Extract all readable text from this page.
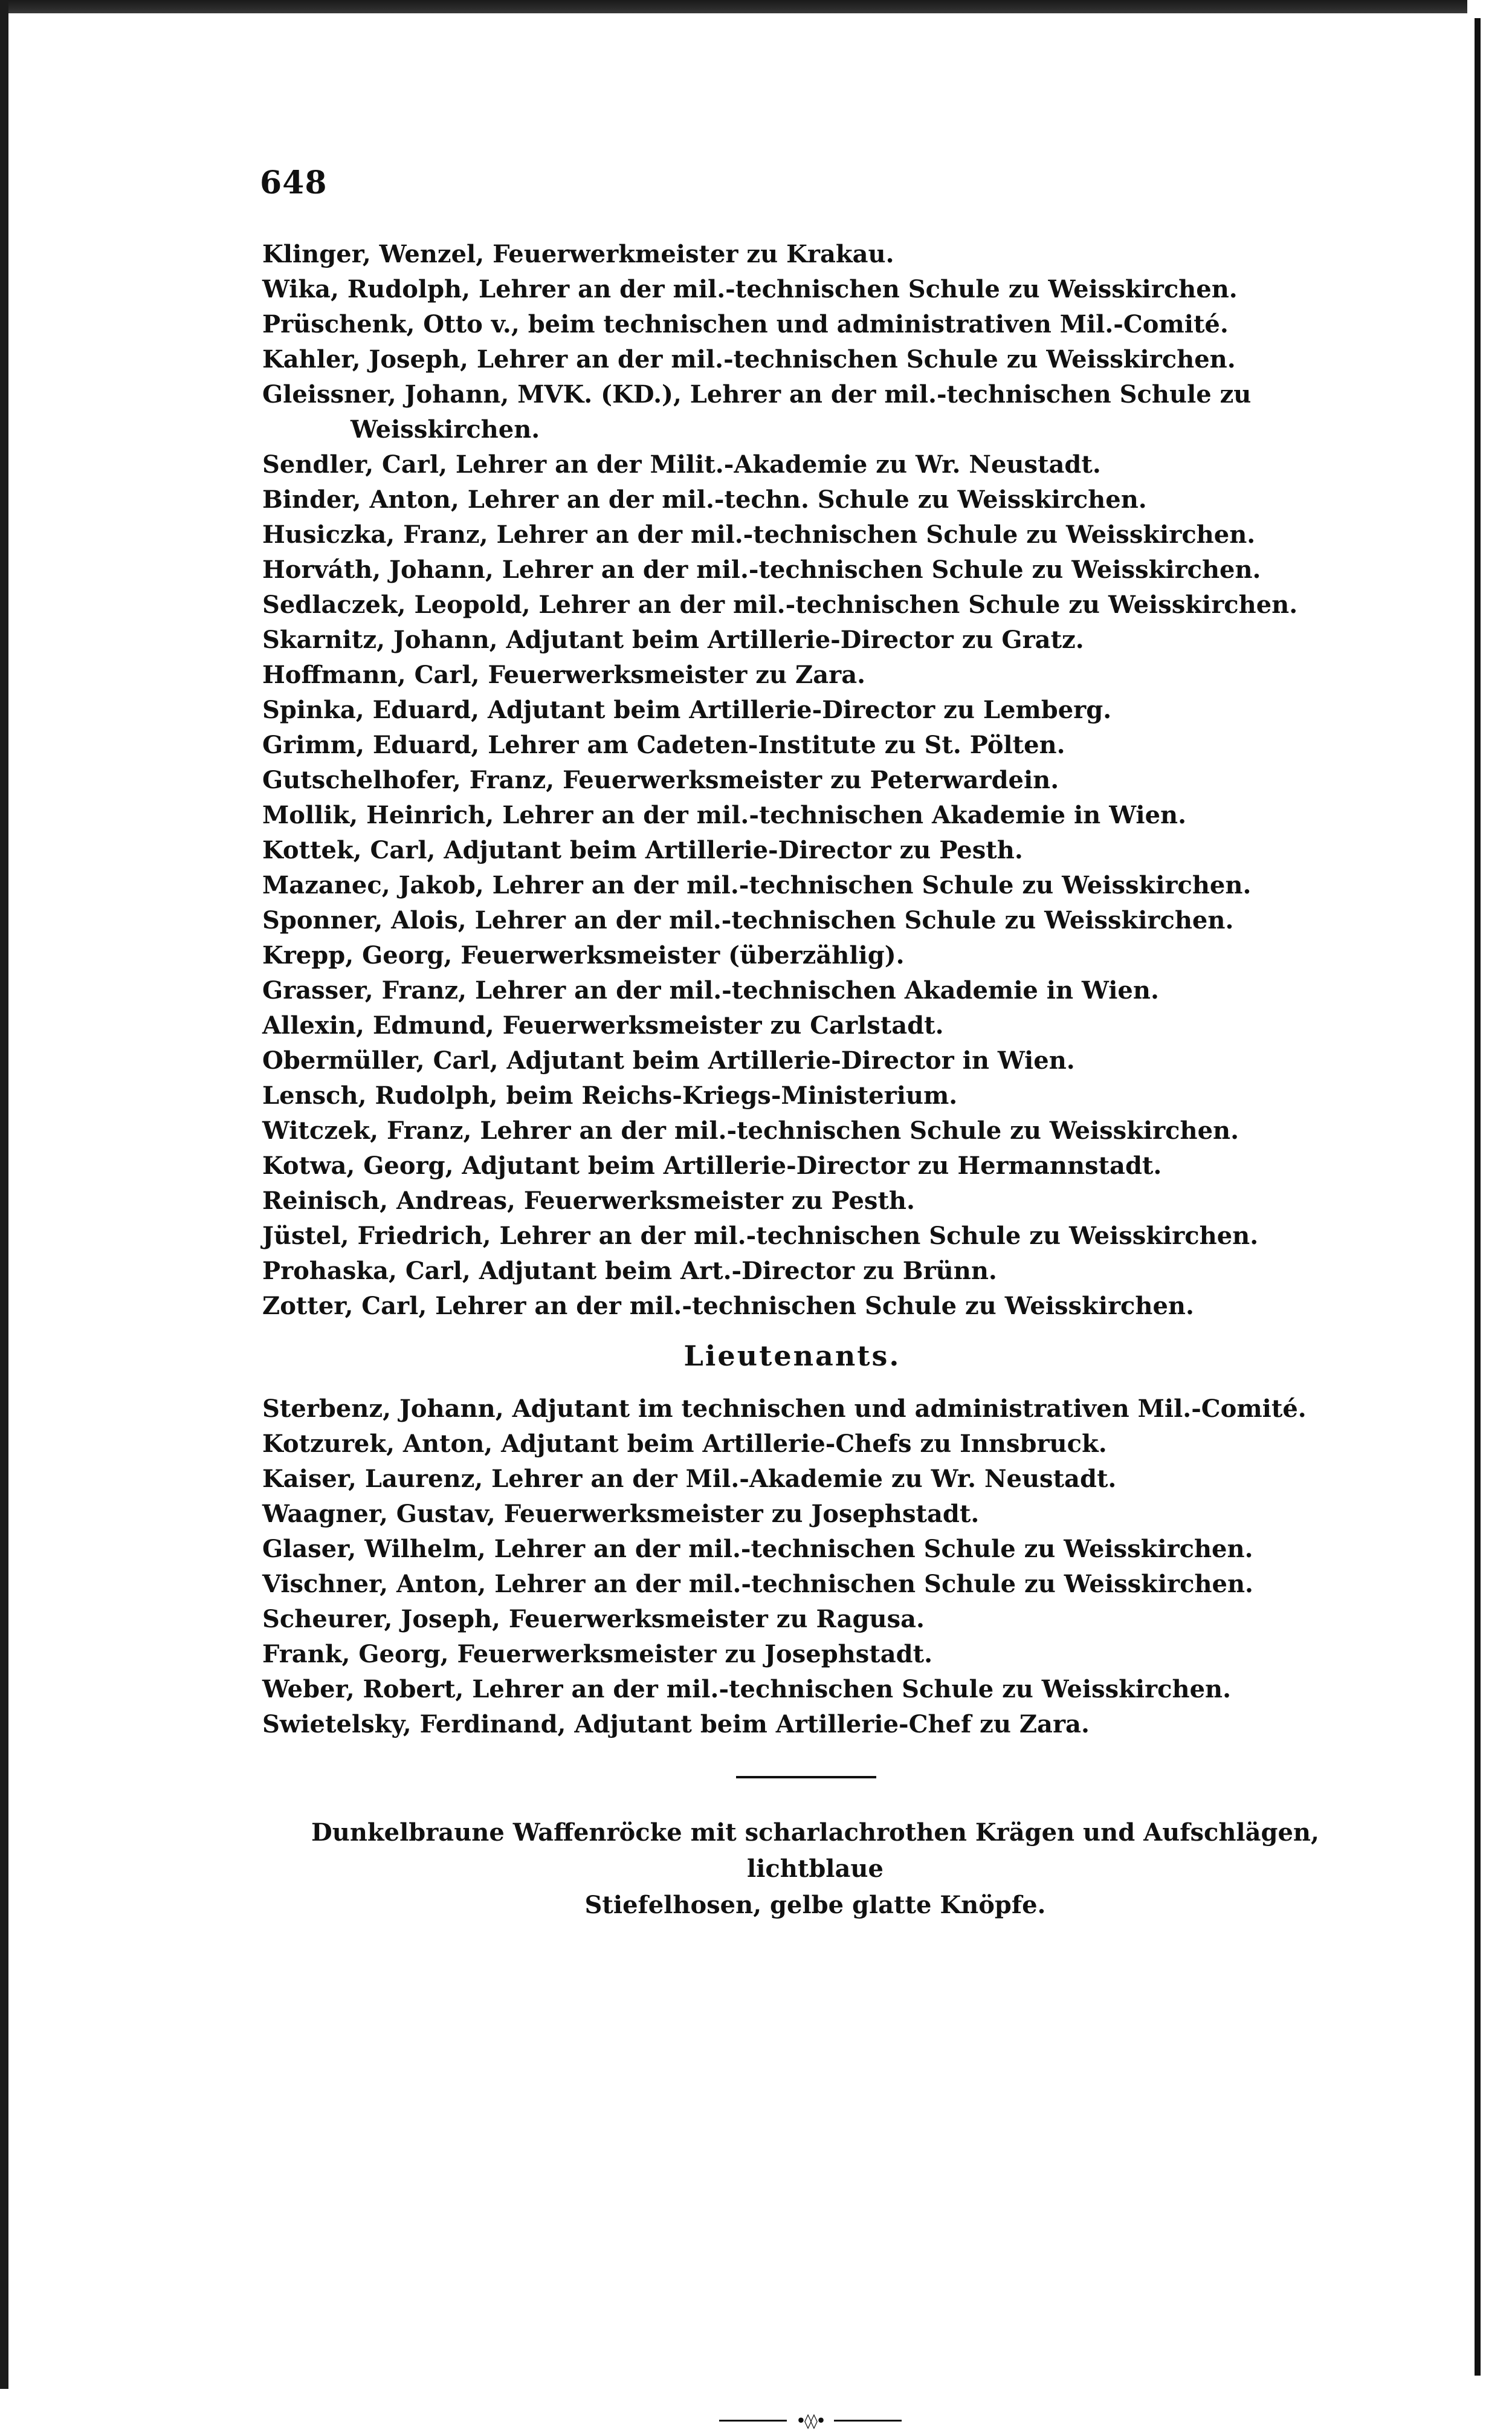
648
Klinger, Wenzel, Feuerwerkmeister zu Krakau.
Wika, Rudolph, Lehrer an der mil.-technischen Schule zu Weisskirchen.
Prüschenk, Otto v., beim technischen und administrativen Mil.-Comité.
Kahler, Joseph, Lehrer an der mil.-technischen Schule zu Weisskirchen.
Gleissner, Johann, MVK. (KD.), Lehrer an der mil.-technischen Schule zu Weisskirchen.
Sendler, Carl, Lehrer an der Milit.-Akademie zu Wr. Neustadt.
Binder, Anton, Lehrer an der mil.-techn. Schule zu Weisskirchen.
Husiczka, Franz, Lehrer an der mil.-technischen Schule zu Weisskirchen.
Horváth, Johann, Lehrer an der mil.-technischen Schule zu Weisskirchen.
Sedlaczek, Leopold, Lehrer an der mil.-technischen Schule zu Weisskirchen.
Skarnitz, Johann, Adjutant beim Artillerie-Director zu Gratz.
Hoffmann, Carl, Feuerwerksmeister zu Zara.
Spinka, Eduard, Adjutant beim Artillerie-Director zu Lemberg.
Grimm, Eduard, Lehrer am Cadeten-Institute zu St. Pölten.
Gutschelhofer, Franz, Feuerwerksmeister zu Peterwardein.
Mollik, Heinrich, Lehrer an der mil.-technischen Akademie in Wien.
Kottek, Carl, Adjutant beim Artillerie-Director zu Pesth.
Mazanec, Jakob, Lehrer an der mil.-technischen Schule zu Weisskirchen.
Sponner, Alois, Lehrer an der mil.-technischen Schule zu Weisskirchen.
Krepp, Georg, Feuerwerksmeister (überzählig).
Grasser, Franz, Lehrer an der mil.-technischen Akademie in Wien.
Allexin, Edmund, Feuerwerksmeister zu Carlstadt.
Obermüller, Carl, Adjutant beim Artillerie-Director in Wien.
Lensch, Rudolph, beim Reichs-Kriegs-Ministerium.
Witczek, Franz, Lehrer an der mil.-technischen Schule zu Weisskirchen.
Kotwa, Georg, Adjutant beim Artillerie-Director zu Hermannstadt.
Reinisch, Andreas, Feuerwerksmeister zu Pesth.
Jüstel, Friedrich, Lehrer an der mil.-technischen Schule zu Weisskirchen.
Prohaska, Carl, Adjutant beim Art.-Director zu Brünn.
Zotter, Carl, Lehrer an der mil.-technischen Schule zu Weisskirchen.
Lieutenants.
Sterbenz, Johann, Adjutant im technischen und administrativen Mil.-Comité.
Kotzurek, Anton, Adjutant beim Artillerie-Chefs zu Innsbruck.
Kaiser, Laurenz, Lehrer an der Mil.-Akademie zu Wr. Neustadt.
Waagner, Gustav, Feuerwerksmeister zu Josephstadt.
Glaser, Wilhelm, Lehrer an der mil.-technischen Schule zu Weisskirchen.
Vischner, Anton, Lehrer an der mil.-technischen Schule zu Weisskirchen.
Scheurer, Joseph, Feuerwerksmeister zu Ragusa.
Frank, Georg, Feuerwerksmeister zu Josephstadt.
Weber, Robert, Lehrer an der mil.-technischen Schule zu Weisskirchen.
Swietelsky, Ferdinand, Adjutant beim Artillerie-Chef zu Zara.
Dunkelbraune Waffenröcke mit scharlachrothen Krägen und Aufschlägen, lichtblaue
Stiefelhosen, gelbe glatte Knöpfe.
•◊◊•
